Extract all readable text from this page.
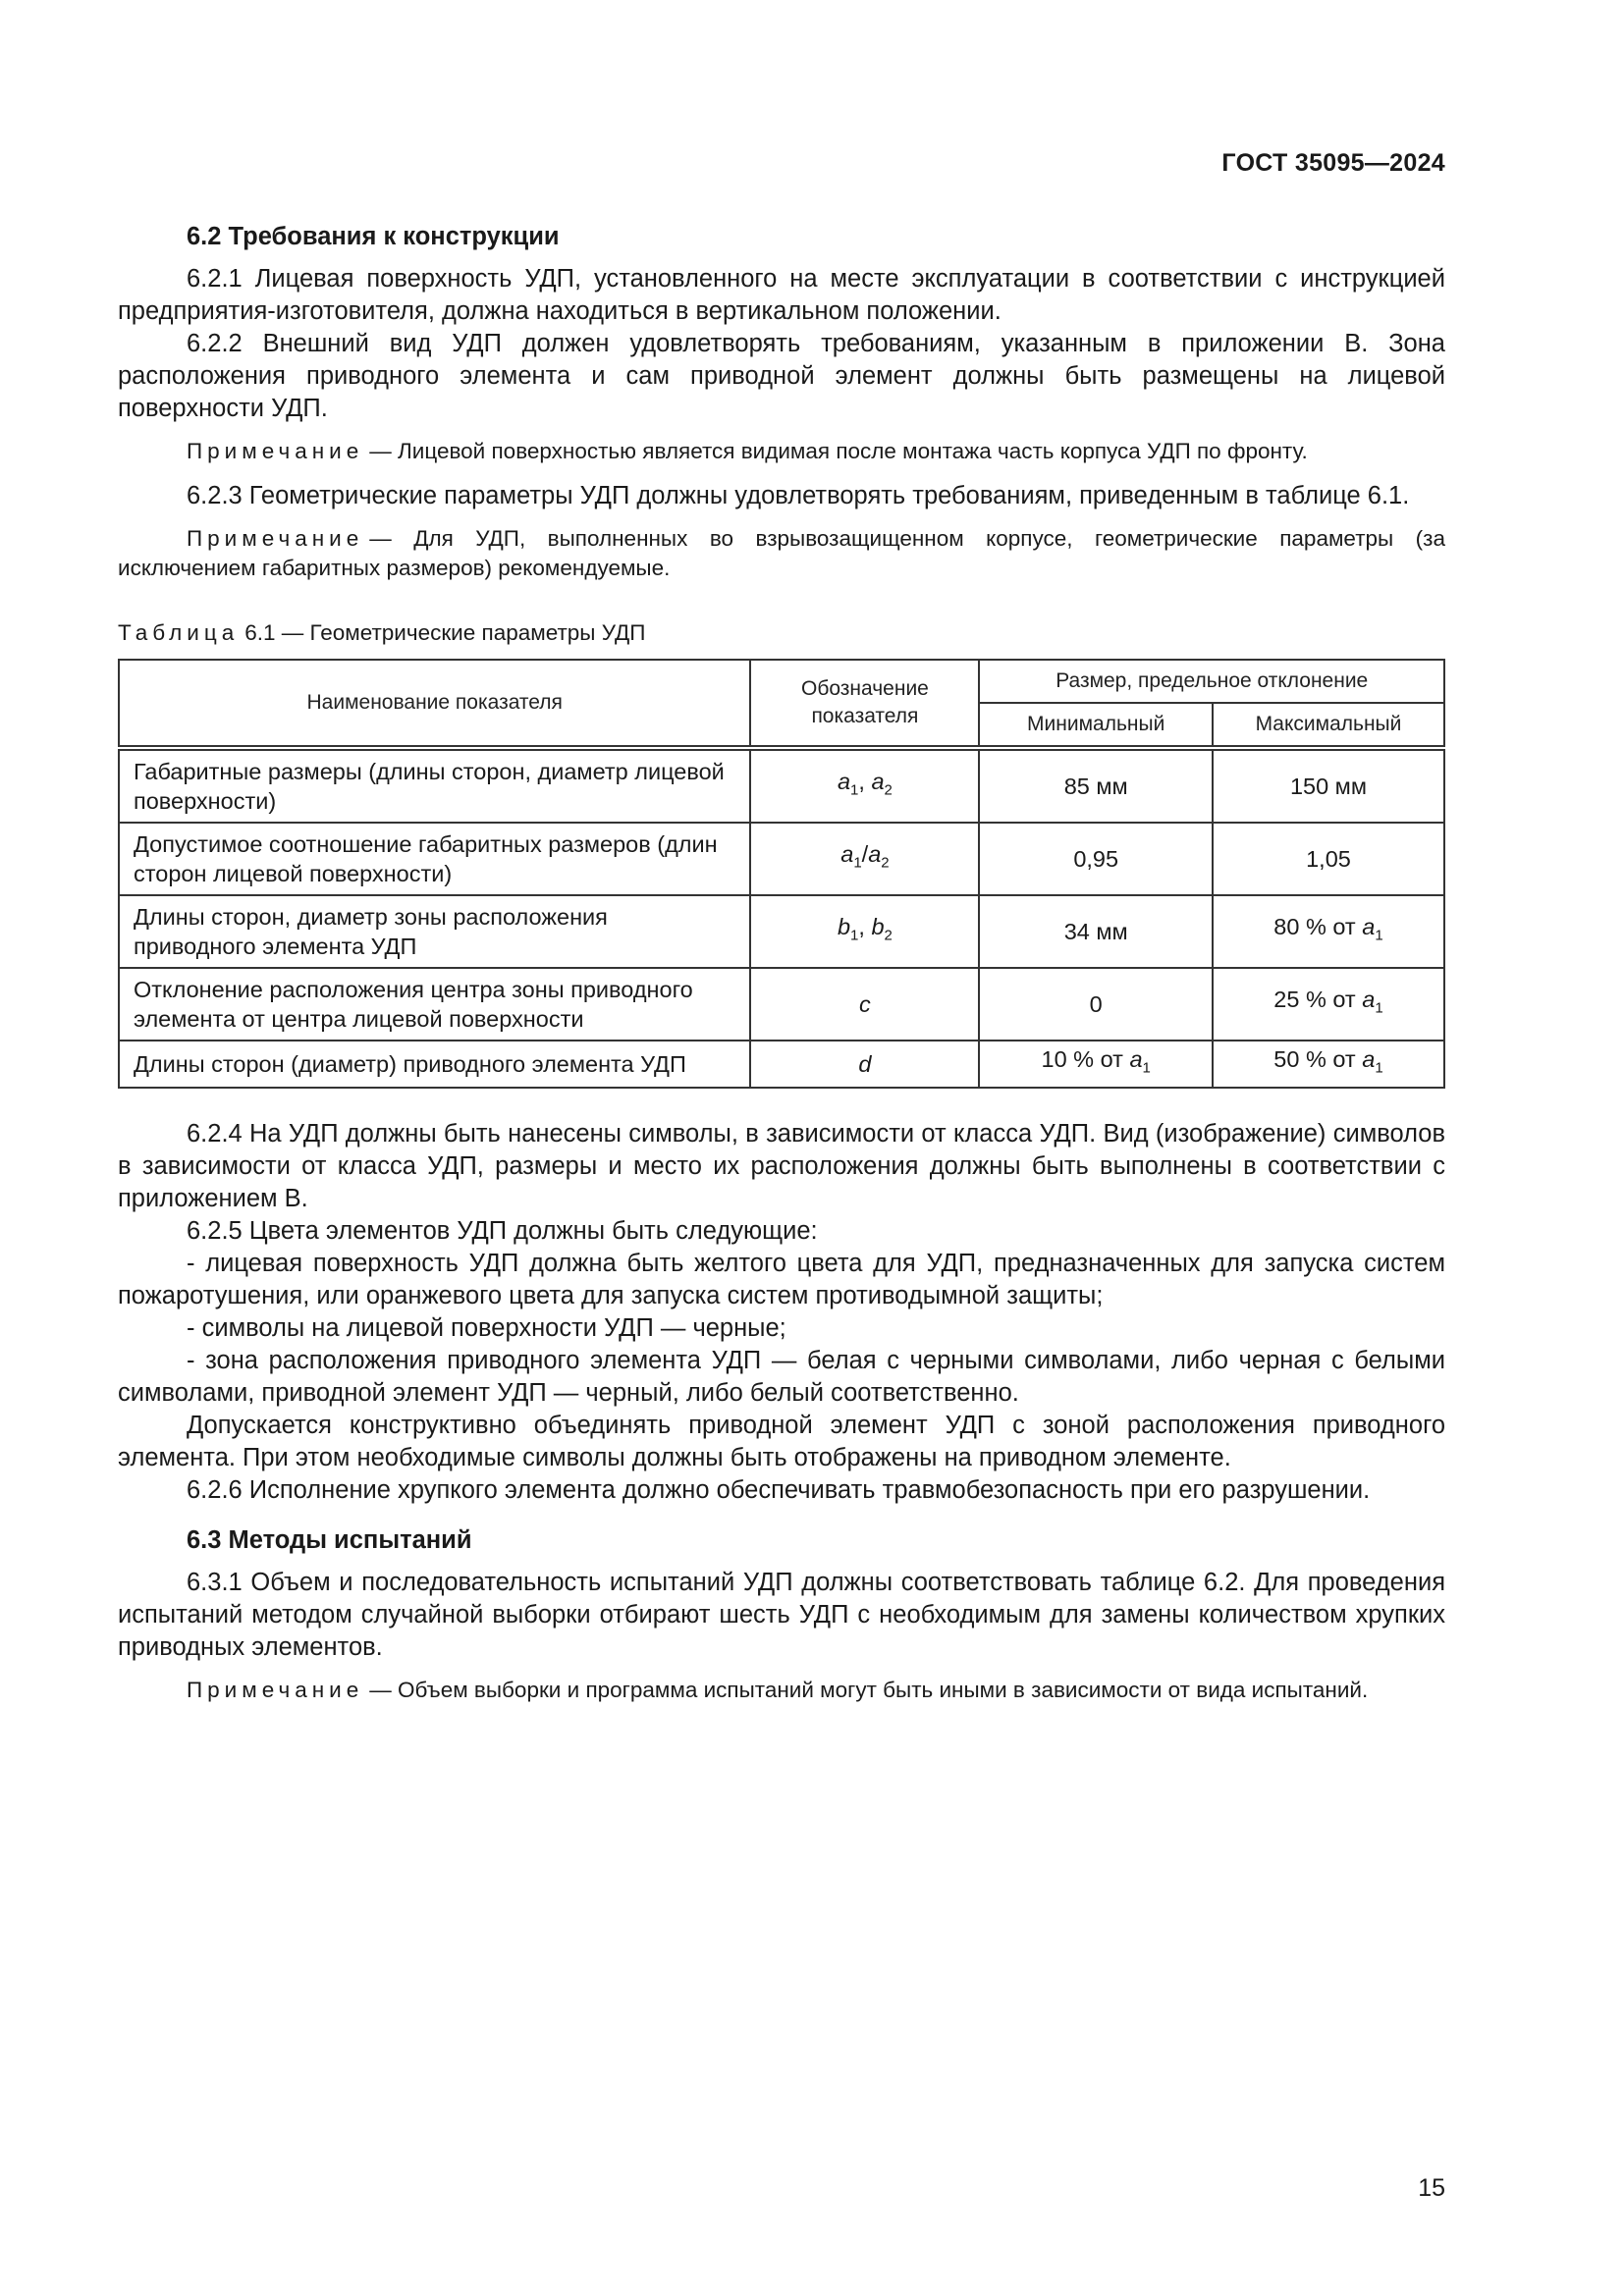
ГОСТ 35095—2024
6.2 Требования к конструкции

6.2.1 Лицевая поверхность УДП, установленного на месте эксплуатации в соответствии с инструкцией предприятия-изготовителя, должна находиться в вертикальном положении.

6.2.2 Внешний вид УДП должен удовлетворять требованиям, указанным в приложении В. Зона расположения приводного элемента и сам приводной элемент должны быть размещены на лицевой поверхности УДП.

Примечание — Лицевой поверхностью является видимая после монтажа часть корпуса УДП по фронту.

6.2.3 Геометрические параметры УДП должны удовлетворять требованиям, приведенным в таблице 6.1.

Примечание — Для УДП, выполненных во взрывозащищенном корпусе, геометрические параметры (за исключением габаритных размеров) рекомендуемые.

Таблица 6.1 — Геометрические параметры УДП
Наименование показателя	Обозначение показателя	Размер, предельное отклонение	
		Минимальный	Максимальный
Габаритные размеры (длины сторон, диаметр лицевой поверхности)	$a_1$, $a_2$	85 мм	150 мм
Допустимое соотношение габаритных размеров (длин сторон лицевой поверхности)	$a_1/a_2$	0,95	1,05
Длины сторон, диаметр зоны расположения приводного элемента УДП	$b_1$, $b_2$	34 мм	80 % от $a_1$
Отклонение расположения центра зоны приводного элемента от центра лицевой поверхности	c	0	25 % от $a_1$
Длины сторон (диаметр) приводного элемента УДП	d	10 % от $a_1$	50 % от $a_1$

6.2.4 На УДП должны быть нанесены символы, в зависимости от класса УДП. Вид (изображение) символов в зависимости от класса УДП, размеры и место их расположения должны быть выполнены в соответствии с приложением В.

6.2.5 Цвета элементов УДП должны быть следующие:

- лицевая поверхность УДП должна быть желтого цвета для УДП, предназначенных для запуска систем пожаротушения, или оранжевого цвета для запуска систем противодымной защиты;

- символы на лицевой поверхности УДП — черные;

- зона расположения приводного элемента УДП — белая с черными символами, либо черная с белыми символами, приводной элемент УДП — черный, либо белый соответственно.

Допускается конструктивно объединять приводной элемент УДП с зоной расположения приводного элемента. При этом необходимые символы должны быть отображены на приводном элементе.

6.2.6 Исполнение хрупкого элемента должно обеспечивать травмобезопасность при его разрушении.

6.3 Методы испытаний

6.3.1 Объем и последовательность испытаний УДП должны соответствовать таблице 6.2. Для проведения испытаний методом случайной выборки отбирают шесть УДП с необходимым для замены количеством хрупких приводных элементов.

Примечание — Объем выборки и программа испытаний могут быть иными в зависимости от вида испытаний.

15
